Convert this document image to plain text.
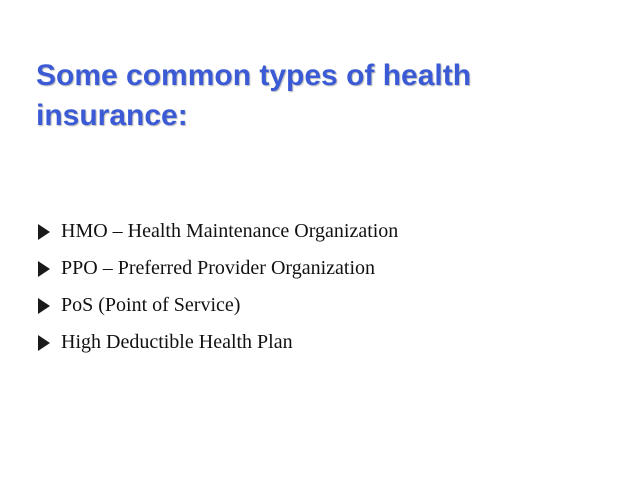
Some common types of health insurance:
HMO – Health Maintenance Organization
PPO – Preferred Provider Organization
PoS (Point of Service)
High Deductible Health Plan
